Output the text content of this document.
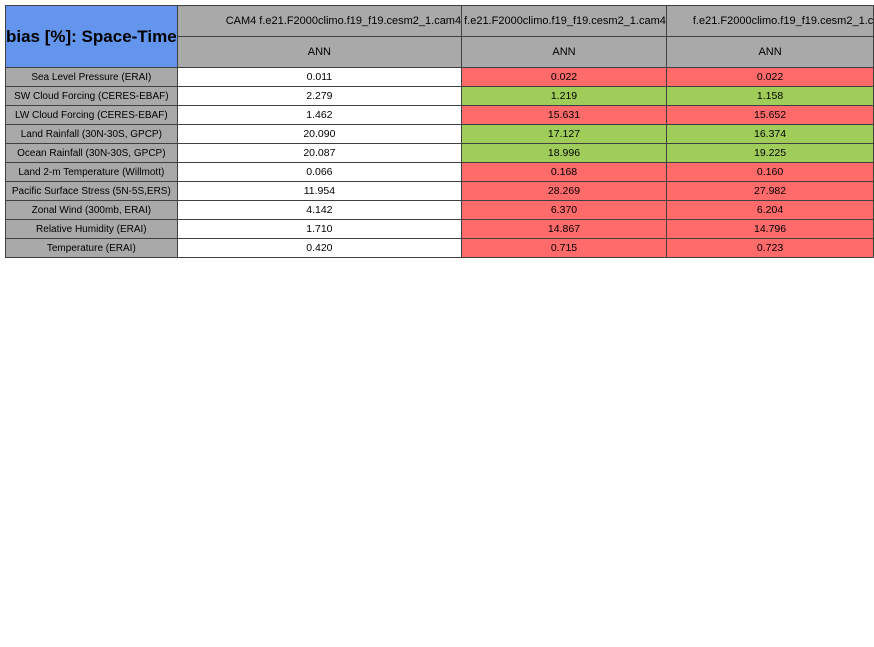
bias [%]: Space-Time	CAM4 f.e21.F2000climo.f19_f19.cesm2_1.cam4	f.e21.F2000climo.f19_f19.cesm2_1.cam4	f.e21.F2000climo.f19_f19.cesm2_1.c

	ANN	ANN	ANN
Sea Level Pressure (ERAI)	0.011	0.022	0.022
SW Cloud Forcing (CERES-EBAF)	2.279	1.219	1.158
LW Cloud Forcing (CERES-EBAF)	1.462	15.631	15.652
Land Rainfall (30N-30S, GPCP)	20.090	17.127	16.374
Ocean Rainfall (30N-30S, GPCP)	20.087	18.996	19.225
Land 2-m Temperature (Willmott)	0.066	0.168	0.160
Pacific Surface Stress (5N-5S,ERS)	11.954	28.269	27.982
Zonal Wind (300mb, ERAI)	4.142	6.370	6.204
Relative Humidity (ERAI)	1.710	14.867	14.796
Temperature (ERAI)	0.420	0.715	0.723
